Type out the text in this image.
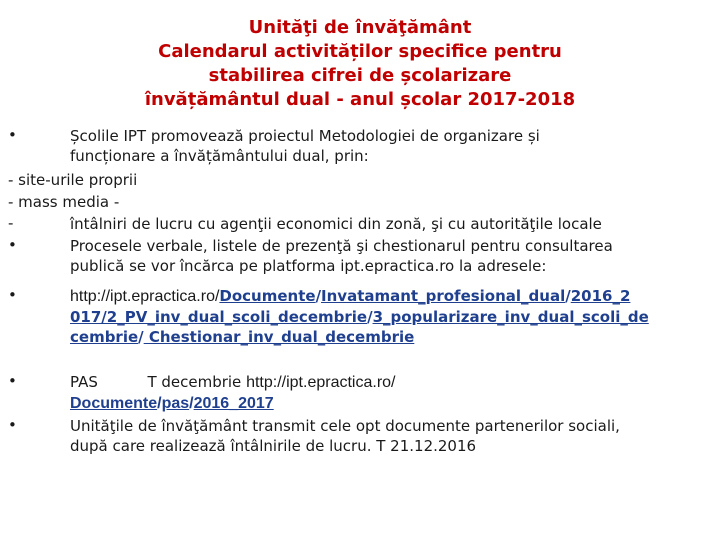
Unităţi de învăţământ
Calendarul activităților specifice pentru
stabilirea cifrei de școlarizare
învățământul dual - anul școlar 2017-2018
•	Școlile IPT promovează proiectul Metodologiei de organizare și
funcționare a învățământului dual, prin:
- site-urile proprii
- mass media -
-	întâlniri de lucru cu agenţii economici din zonă, şi cu autorităţile locale
•	Procesele verbale, listele de prezenţă şi chestionarul pentru consultarea
publică se vor încărca pe platforma ipt.epractica.ro la adresele:
•	http://ipt.epractica.ro/Documente/Invatamant_profesional_dual/2016_2
017/2_PV_inv_dual_scoli_decembrie/3_popularizare_inv_dual_scoli_de
cembrie/ Chestionar_inv_dual_decembrie
•	PAS	T decembrie http://ipt.epractica.ro/
Documente/pas/2016_2017
•	Unităţile de învăţământ transmit cele opt documente partenerilor sociali,
după care realizează întâlnirile de lucru. T 21.12.2016
